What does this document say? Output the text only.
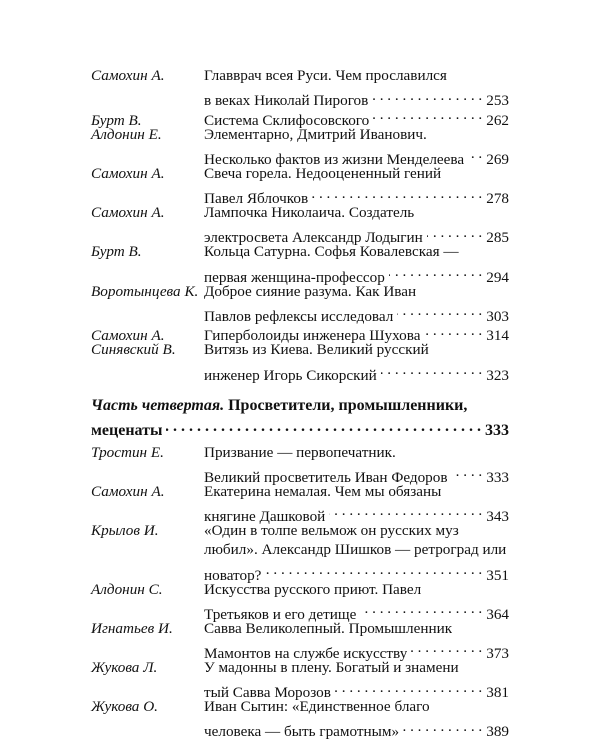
Самохин А.	Главврач всея Руси. Чем прославился
в веках Николай Пирогов . . .	253
Бурт В.	Система Склифосовского . . .	262
Алдонин Е.	Элементарно, Дмитрий Иванович.
Несколько фактов из жизни Менделеева . . . 269
Самохин А.	Свеча горела. Недооцененный гений
Павел Яблочков . . .	278
Самохин А.	Лампочка Николаича. Создатель
электросвета Александр Лодыгин . . .	285
Бурт В.	Кольца Сатурна. Софья Ковалевская —
первая женщина-профессор . . .	294
Воротынцева К. Доброе сияние разума. Как Иван
Павлов рефлексы исследовал . . .	303
Самохин А.	Гиперболоиды инженера Шухова . . .	314
Синявский В.	Витязь из Киева. Великий русский
инженер Игорь Сикорский . . .	323
Часть четвертая.
Просветители, промышленники,
меценаты . . .	333
Тростин Е.	Призвание — первопечатник.
Великий просветитель Иван Федоров . . .	333
Самохин А.	Екатерина немалая. Чем мы обязаны
княгине Дашковой . . .	343
Крылов И.	«Один в толпе вельмож он русских муз
любил». Александр Шишков — ретроград или
новатор? . . .	351
Алдонин С.	Искусства русского приют. Павел
Третьяков и его детище . . .	364
Игнатьев И.	Савва Великолепный. Промышленник
Мамонтов на службе искусству . . .	373
Жукова Л.	У мадонны в плену. Богатый и знамени
тый Савва Морозов . . .	381
Жукова О.	Иван Сытин: «Единственное благо
человека — быть грамотным» . . .	389
